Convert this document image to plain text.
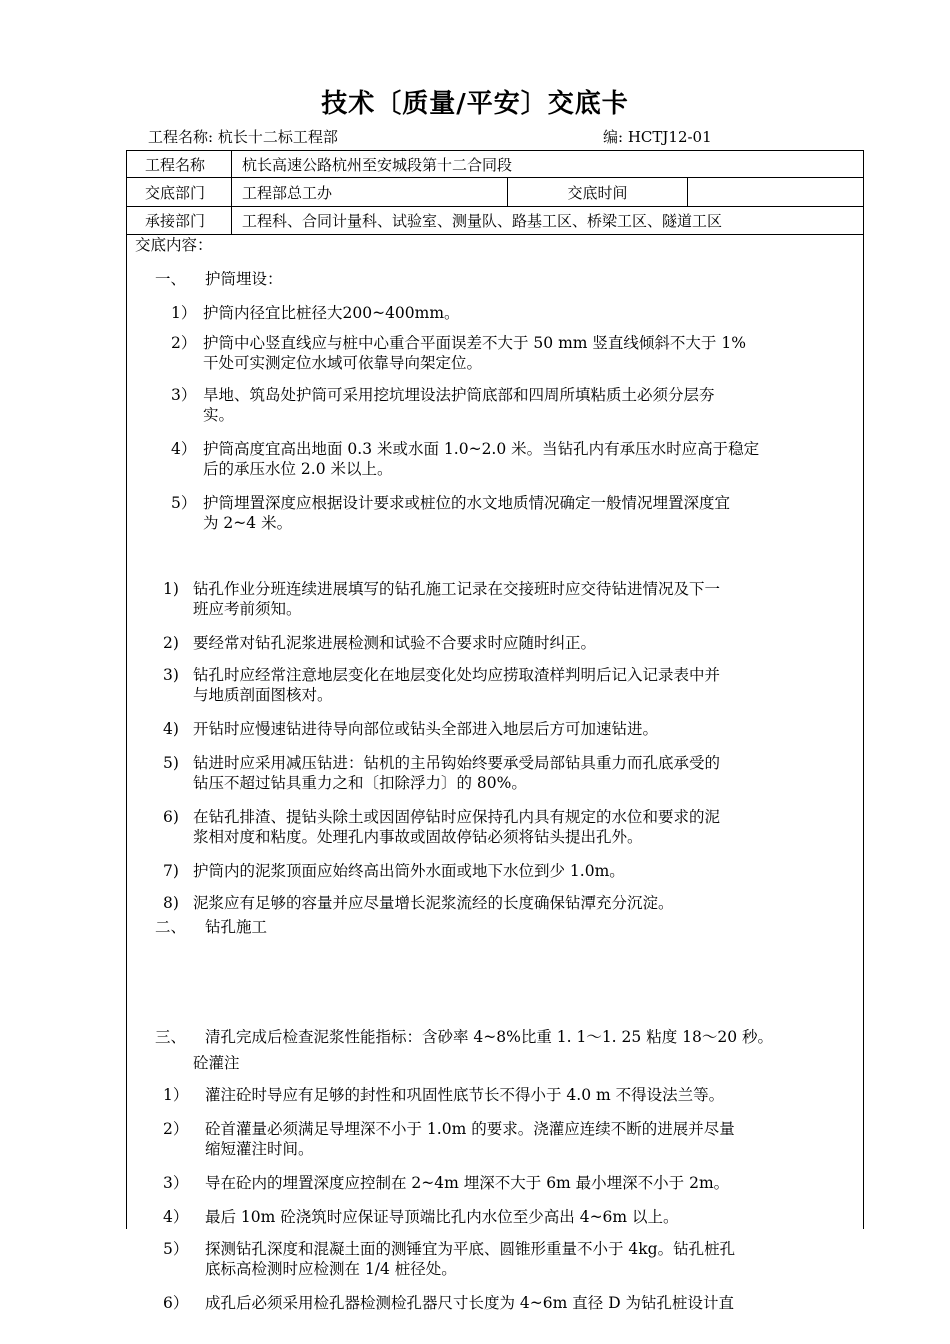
技术〔质量/平安〕交底卡
工程名称: 杭长十二标工程部	编: HCTJ12-01
工程名称	杭长高速公路杭州至安城段第十二合同段
交底部门	工程部总工办	交底时间
承接部门	工程科、合同计量科、试验室、测量队、路基工区、桥梁工区、隧道工区
交底内容：
一、 护筒埋设：
二、 钻孔施工
三、 清孔完成后检查泥浆性能指标：含砂率 4~8%比重 1. 1～1. 25 粘度 18～20 秒。
砼灌注
1） 护筒内径宜比桩径大200~400mm。
2） 护筒中心竖直线应与桩中心重合平面误差不大于 50 mm 竖直线倾斜不大于 1%
干处可实测定位水域可依靠导向架定位。
3） 旱地、筑岛处护筒可采用挖坑埋设法护筒底部和四周所填粘质土必须分层夯
实。
4） 护筒高度宜高出地面 0.3 米或水面 1.0~2.0 米。当钻孔内有承压水时应高于稳定
后的承压水位 2.0 米以上。
5） 护筒埋置深度应根据设计要求或桩位的水文地质情况确定一般情况埋置深度宜
为 2~4 米。
1) 钻孔作业分班连续进展填写的钻孔施工记录在交接班时应交待钻进情况及下一
班应考前须知。
2) 要经常对钻孔泥浆进展检测和试验不合要求时应随时纠正。
3) 钻孔时应经常注意地层变化在地层变化处均应捞取渣样判明后记入记录表中并
与地质剖面图核对。
4) 开钻时应慢速钻进待导向部位或钻头全部进入地层后方可加速钻进。
5) 钻进时应采用减压钻进：钻机的主吊钩始终要承受局部钻具重力而孔底承受的
钻压不超过钻具重力之和〔扣除浮力〕的 80%。
6) 在钻孔排渣、提钻头除土或因固停钻时应保持孔内具有规定的水位和要求的泥
浆相对度和粘度。处理孔内事故或固故停钻必须将钻头提出孔外。
7) 护筒内的泥浆顶面应始终高出筒外水面或地下水位到少 1.0m。
8) 泥浆应有足够的容量并应尽量增长泥浆流经的长度确保钻潭充分沉淀。
1） 灌注砼时导应有足够的封性和巩固性底节长不得小于 4.0 m 不得设法兰等。
2） 砼首灌量必须满足导埋深不小于 1.0m 的要求。浇灌应连续不断的进展并尽量
缩短灌注时间。
3） 导在砼内的埋置深度应控制在 2~4m 埋深不大于 6m 最小埋深不小于 2m。
4） 最后 10m 砼浇筑时应保证导顶端比孔内水位至少高出 4~6m 以上。
5） 探测钻孔深度和混凝土面的测锤宜为平底、圆锥形重量不小于 4kg。钻孔桩孔
底标高检测时应检测在 1/4 桩径处。
6） 成孔后必须采用检孔器检测检孔器尺寸长度为 4~6m 直径 D 为钻孔桩设计直
